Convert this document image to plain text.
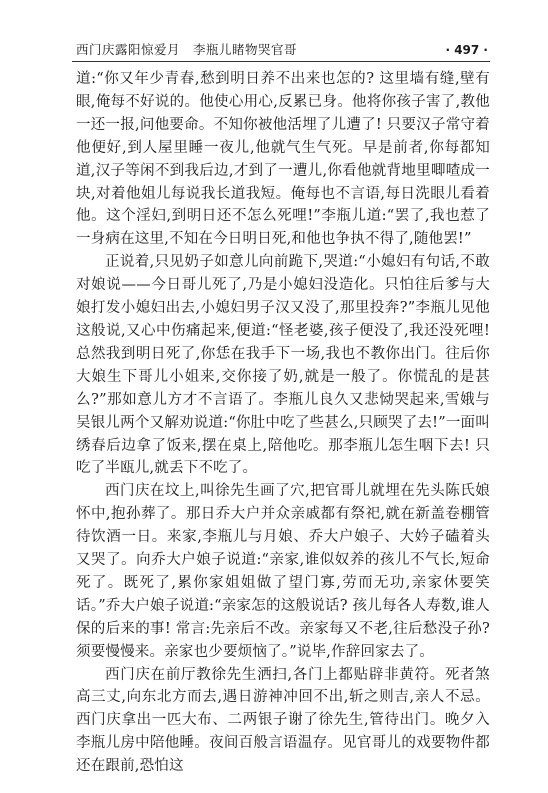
西门庆露阳惊爱月　李瓶儿睹物哭官哥	· 497 ·

道:“你又年少青春,愁到明日养不出来也怎的? 这里墙有缝,壁有眼,俺每不好说的。他使心用心,反累已身。他将你孩子害了,教他一还一报,问他要命。不知你被他活埋了儿遭了! 只要汉子常守着他便好,到人屋里睡一夜儿,他就气生气死。早是前者,你每都知道,汉子等闲不到我后边,才到了一遭儿,你看他就背地里唧喳成一块,对着他姐儿每说我长道我短。俺每也不言语,每日洗眼儿看着他。这个淫妇,到明日还不怎么死哩!”李瓶儿道:“罢了,我也惹了一身病在这里,不知在今日明日死,和他也争执不得了,随他罢!”

正说着,只见奶子如意儿向前跪下,哭道:“小媳妇有句话,不敢对娘说——今日哥儿死了,乃是小媳妇没造化。只怕往后爹与大娘打发小媳妇出去,小媳妇男子汉又没了,那里投奔?”李瓶儿见他这般说,又心中伤痛起来,便道:“怪老婆,孩子便没了,我还没死哩! 总然我到明日死了,你恁在我手下一场,我也不教你出门。往后你大娘生下哥儿小姐来,交你接了奶,就是一般了。你慌乱的是甚么?”那如意儿方才不言语了。李瓶儿良久又悲恸哭起来,雪娥与吴银儿两个又解劝说道:“你肚中吃了些甚么,只顾哭了去!”一面叫绣春后边拿了饭来,摆在桌上,陪他吃。那李瓶儿怎生咽下去! 只吃了半瓯儿,就丢下不吃了。

西门庆在坟上,叫徐先生画了穴,把官哥儿就埋在先头陈氏娘怀中,抱孙葬了。那日乔大户并众亲戚都有祭祀,就在新盖卷棚管待饮酒一日。来家,李瓶儿与月娘、乔大户娘子、大妗子磕着头又哭了。向乔大户娘子说道:“亲家,谁似奴养的孩儿不气长,短命死了。既死了,累你家姐姐做了望门寡,劳而无功,亲家休要笑话。”乔大户娘子说道:“亲家怎的这般说话? 孩儿每各人寿数,谁人保的后来的事! 常言:先亲后不改。亲家每又不老,往后愁没子孙? 须要慢慢来。亲家也少要烦恼了。”说毕,作辞回家去了。

西门庆在前厅教徐先生洒扫,各门上都贴辟非黄符。死者煞高三丈,向东北方而去,遇日游神冲回不出,斩之则吉,亲人不忌。西门庆拿出一匹大布、二两银子谢了徐先生,管待出门。晚夕入李瓶儿房中陪他睡。夜间百般言语温存。见官哥儿的戏要物件都还在跟前,恐怕这
